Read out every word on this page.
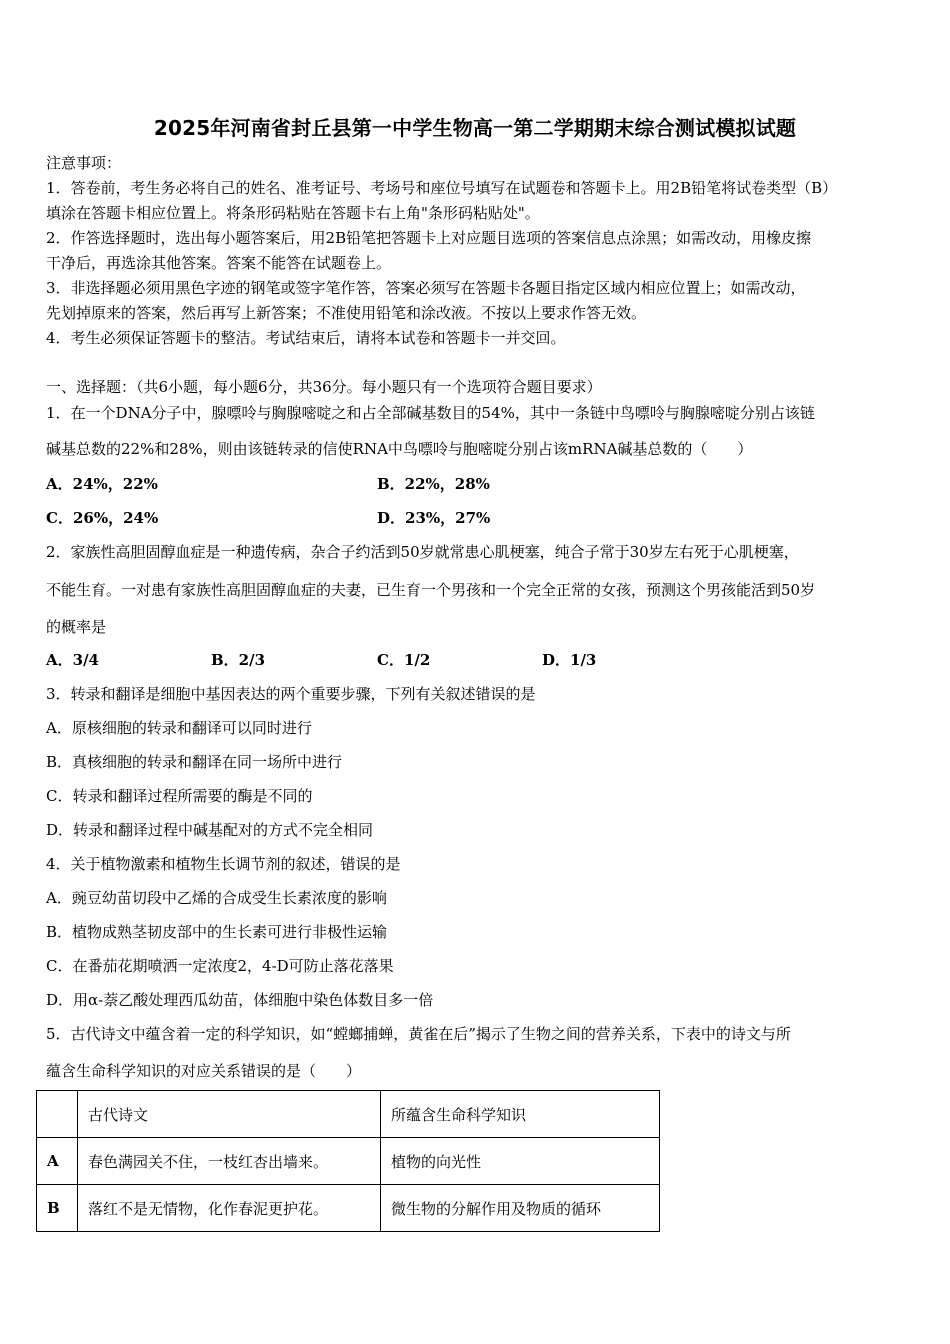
2025年河南省封丘县第一中学生物高一第二学期期末综合测试模拟试题
注意事项：
1．答卷前，考生务必将自己的姓名、准考证号、考场号和座位号填写在试题卷和答题卡上。用2B铅笔将试卷类型（B）
填涂在答题卡相应位置上。将条形码粘贴在答题卡右上角"条形码粘贴处"。
2．作答选择题时，选出每小题答案后，用2B铅笔把答题卡上对应题目选项的答案信息点涂黑；如需改动，用橡皮擦
干净后，再选涂其他答案。答案不能答在试题卷上。
3．非选择题必须用黑色字迹的钢笔或签字笔作答，答案必须写在答题卡各题目指定区域内相应位置上；如需改动，
先划掉原来的答案，然后再写上新答案；不准使用铅笔和涂改液。不按以上要求作答无效。
4．考生必须保证答题卡的整洁。考试结束后，请将本试卷和答题卡一并交回。
一、选择题：（共6小题，每小题6分，共36分。每小题只有一个选项符合题目要求）
1．在一个DNA分子中，腺嘌呤与胸腺嘧啶之和占全部碱基数目的54%，其中一条链中鸟嘌呤与胸腺嘧啶分别占该链
碱基总数的22%和28%，则由该链转录的信使RNA中鸟嘌呤与胞嘧啶分别占该mRNA碱基总数的（　　）
A．24%，22%	B．22%，28%
C．26%，24%	D．23%，27%
2．家族性高胆固醇血症是一种遗传病，杂合子约活到50岁就常患心肌梗塞，纯合子常于30岁左右死于心肌梗塞，
不能生育。一对患有家族性高胆固醇血症的夫妻，已生育一个男孩和一个完全正常的女孩，预测这个男孩能活到50岁
的概率是
A．3/4	B．2/3	C．1/2	D．1/3
3．转录和翻译是细胞中基因表达的两个重要步骤，下列有关叙述错误的是
A．原核细胞的转录和翻译可以同时进行
B．真核细胞的转录和翻译在同一场所中进行
C．转录和翻译过程所需要的酶是不同的
D．转录和翻译过程中碱基配对的方式不完全相同
4．关于植物激素和植物生长调节剂的叙述，错误的是
A．豌豆幼苗切段中乙烯的合成受生长素浓度的影响
B．植物成熟茎韧皮部中的生长素可进行非极性运输
C．在番茄花期喷洒一定浓度2，4-D可防止落花落果
D．用α-萘乙酸处理西瓜幼苗，体细胞中染色体数目多一倍
5．古代诗文中蕴含着一定的科学知识，如“螳螂捕蝉，黄雀在后”揭示了生物之间的营养关系，下表中的诗文与所
蕴含生命科学知识的对应关系错误的是（　　）
	古代诗文	所蕴含生命科学知识
A	春色满园关不住，一枝红杏出墙来。	植物的向光性
B	落红不是无情物，化作春泥更护花。	微生物的分解作用及物质的循环
